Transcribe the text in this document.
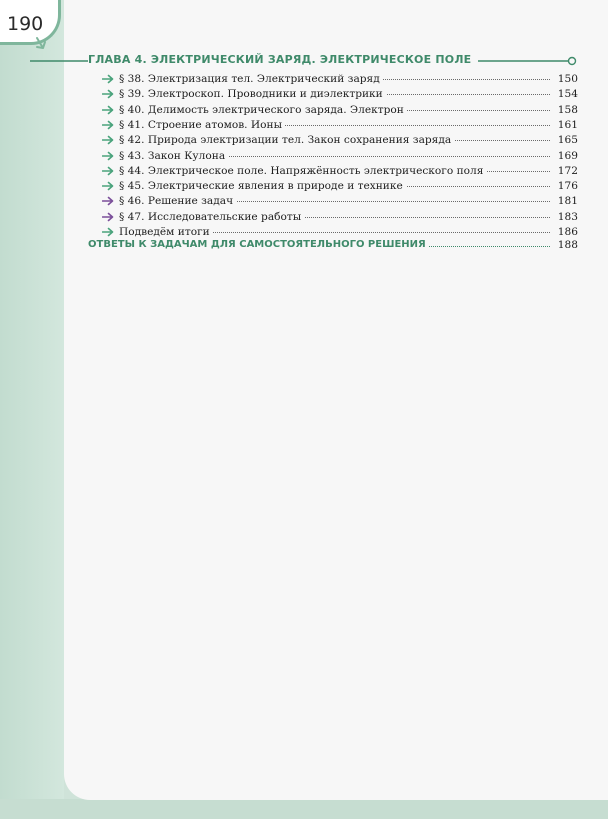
190
ГЛАВА 4. ЭЛЕКТРИЧЕСКИЙ ЗАРЯД. ЭЛЕКТРИЧЕСКОЕ ПОЛЕ
§ 38. Электризация тел. Электрический заряд	150
§ 39. Электроскоп. Проводники и диэлектрики	154
§ 40. Делимость электрического заряда. Электрон	158
§ 41. Строение атомов. Ионы	161
§ 42. Природа электризации тел. Закон сохранения заряда	165
§ 43. Закон Кулона	169
§ 44. Электрическое поле. Напряжённость электрического поля	172
§ 45. Электрические явления в природе и технике	176
§ 46. Решение задач	181
§ 47. Исследовательские работы	183
Подведём итоги	186
ОТВЕТЫ К ЗАДАЧАМ ДЛЯ САМОСТОЯТЕЛЬНОГО РЕШЕНИЯ	188
